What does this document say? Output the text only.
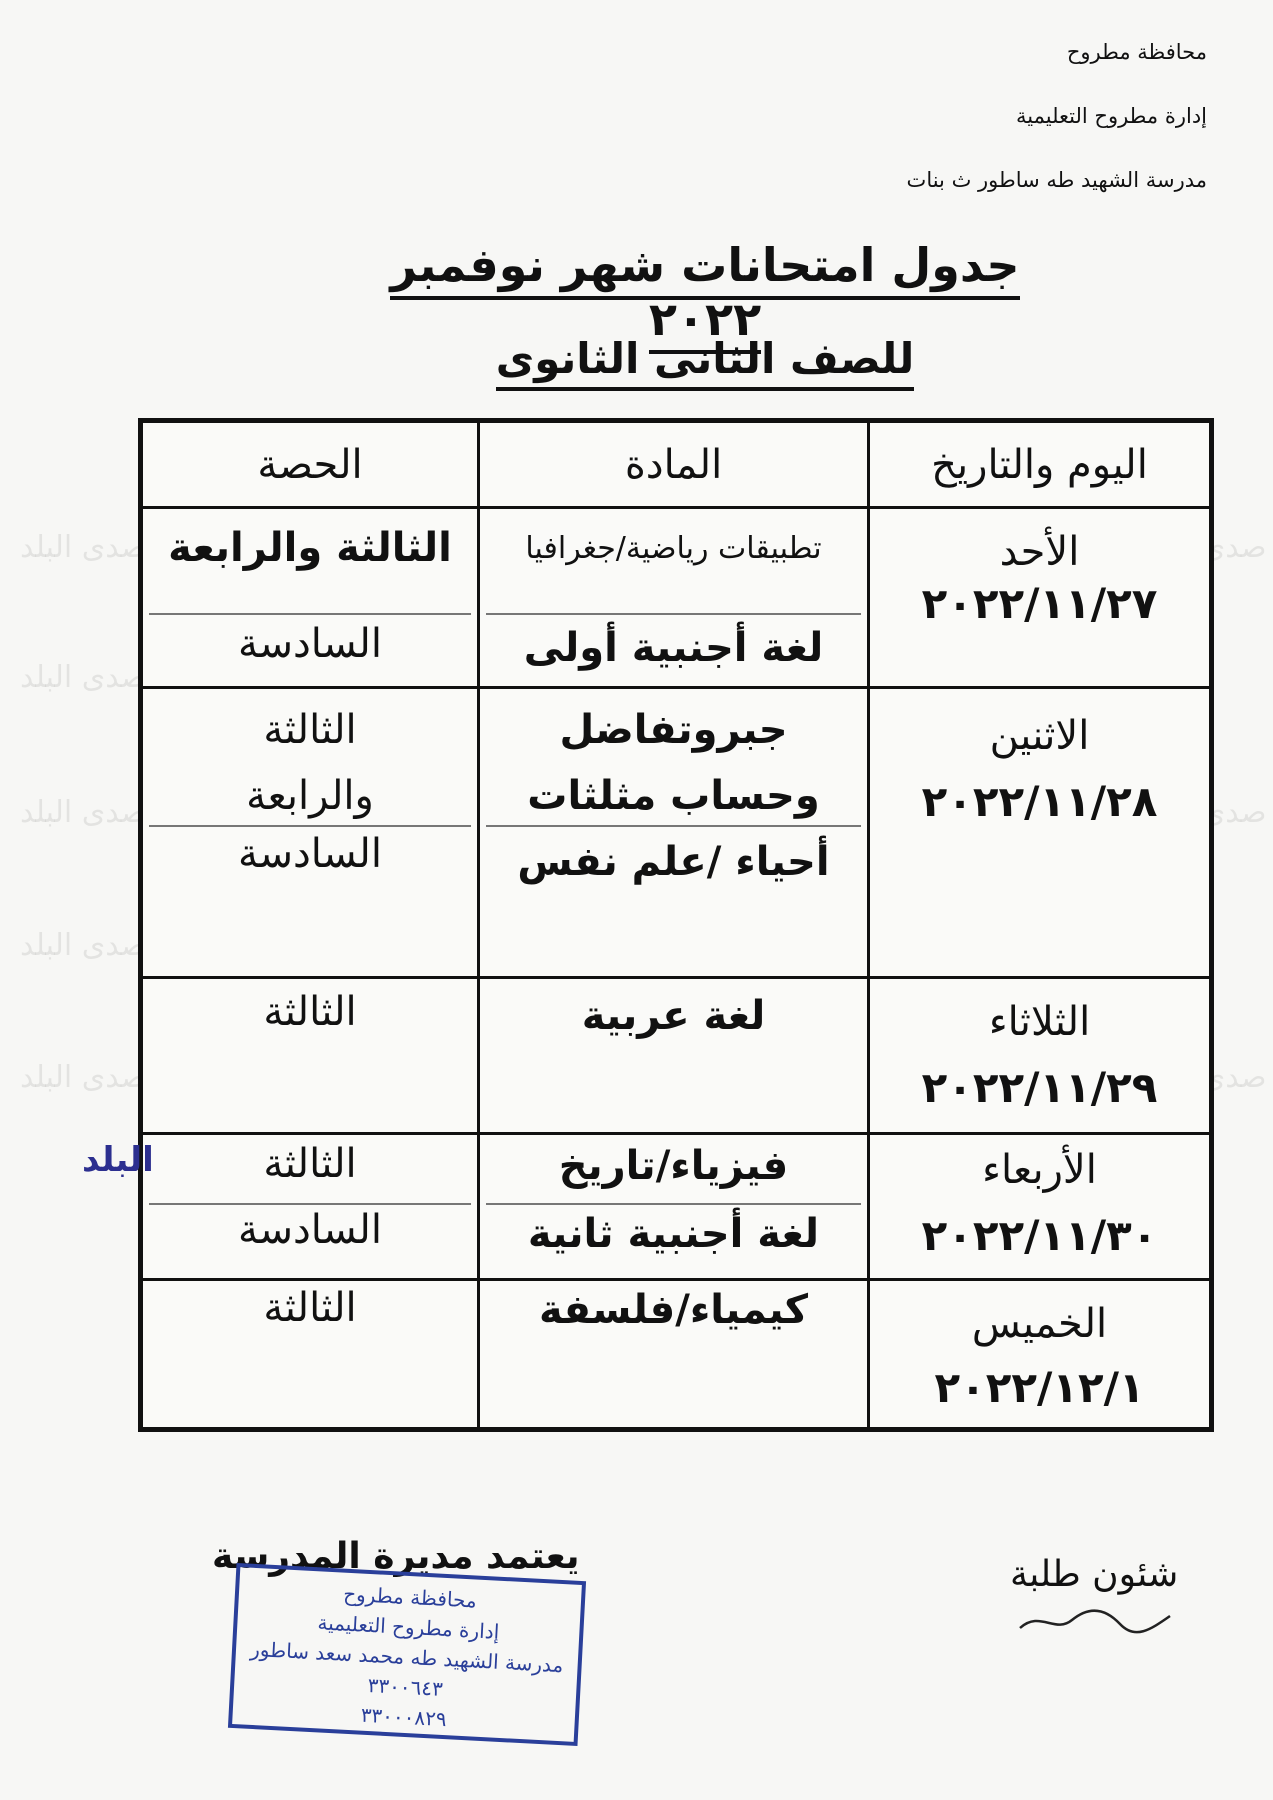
محافظة مطروح
إدارة مطروح التعليمية
مدرسة الشهيد طه ساطور ث بنات
جدول امتحانات شهر نوفمبر ٢٠٢٢
للصف الثانى الثانوى
صدى البلد
صدى البلد
صدى البلد
صدى البلد
صدى البلد
صدى
صدى
صدى
اليوم والتاريخ
المادة
الحصة
الأحد
٢٠٢٢/١١/٢٧
تطبيقات رياضية/جغرافيا
لغة أجنبية أولى
الثالثة والرابعة
السادسة
الاثنين
٢٠٢٢/١١/٢٨
جبروتفاضل
وحساب مثلثات
أحياء /علم نفس
الثالثة
والرابعة
السادسة
الثلاثاء
٢٠٢٢/١١/٢٩
لغة عربية
الثالثة
الأربعاء
٢٠٢٢/١١/٣٠
فيزياء/تاريخ
لغة أجنبية ثانية
الثالثة
السادسة
الخميس
٢٠٢٢/١٢/١
كيمياء/فلسفة
الثالثة
البلد
يعتمد مديرة المدرسة	شئون طلبة
محافظة مطروح
إدارة مطروح التعليمية
مدرسة الشهيد طه محمد سعد ساطور
٣٣٠٠٦٤٣
٣٣٠٠٠٨٢٩
